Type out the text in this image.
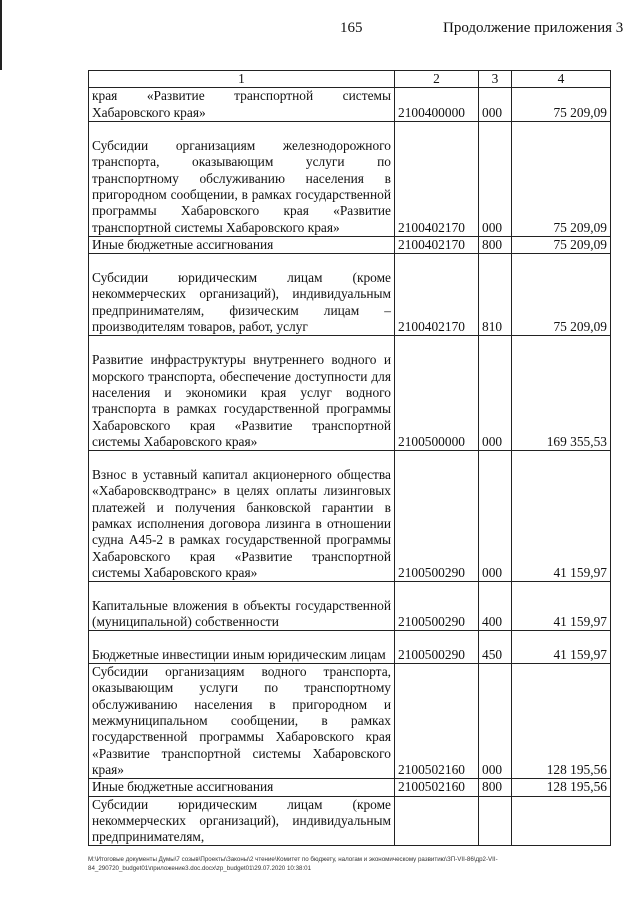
165	Продолжение приложения 3
1	2	3	4
края «Развитие транспортной системы Хабаровского края»	2100400000	000	75 209,09
Субсидии организациям железнодорожного транспорта, оказывающим услуги по транспортному обслуживанию населения в пригородном сообщении, в рамках государственной программы Хабаровского края «Развитие транспортной системы Хабаровского края»	2100402170	000	75 209,09
Иные бюджетные ассигнования	2100402170	800	75 209,09
Субсидии юридическим лицам (кроме некоммерческих организаций), индивидуальным предпринимателям, физическим лицам – производителям товаров, работ, услуг	2100402170	810	75 209,09
Развитие инфраструктуры внутреннего водного и морского транспорта, обеспечение доступности для населения и экономики края услуг водного транспорта в рамках государственной программы Хабаровского края «Развитие транспортной системы Хабаровского края»	2100500000	000	169 355,53
Взнос в уставный капитал акционерного общества «Хабаровскводтранс» в целях оплаты лизинговых платежей и получения банковской гарантии в рамках исполнения договора лизинга в отношении судна А45-2 в рамках государственной программы Хабаровского края «Развитие транспортной системы Хабаровского края»	2100500290	000	41 159,97
Капитальные вложения в объекты государственной (муниципальной) собственности	2100500290	400	41 159,97
Бюджетные инвестиции иным юридическим лицам	2100500290	450	41 159,97
Субсидии организациям водного транспорта, оказывающим услуги по транспортному обслуживанию населения в пригородном и межмуниципальном сообщении, в рамках государственной программы Хабаровского края «Развитие транспортной системы Хабаровского края»	2100502160	000	128 195,56
Иные бюджетные ассигнования	2100502160	800	128 195,56
Субсидии юридическим лицам (кроме некоммерческих организаций), индивидуальным предпринимателям,			
М:\Итоговые документы Думы\7 созыв\Проекты\Законы\2 чтение\Комитет по бюджету, налогам и экономическому развитию\ЗП-VII-86\др2-VII-
84_290720_budget01\приложение3.doc.docx\zp_budget01\29.07.2020 10:38:01
